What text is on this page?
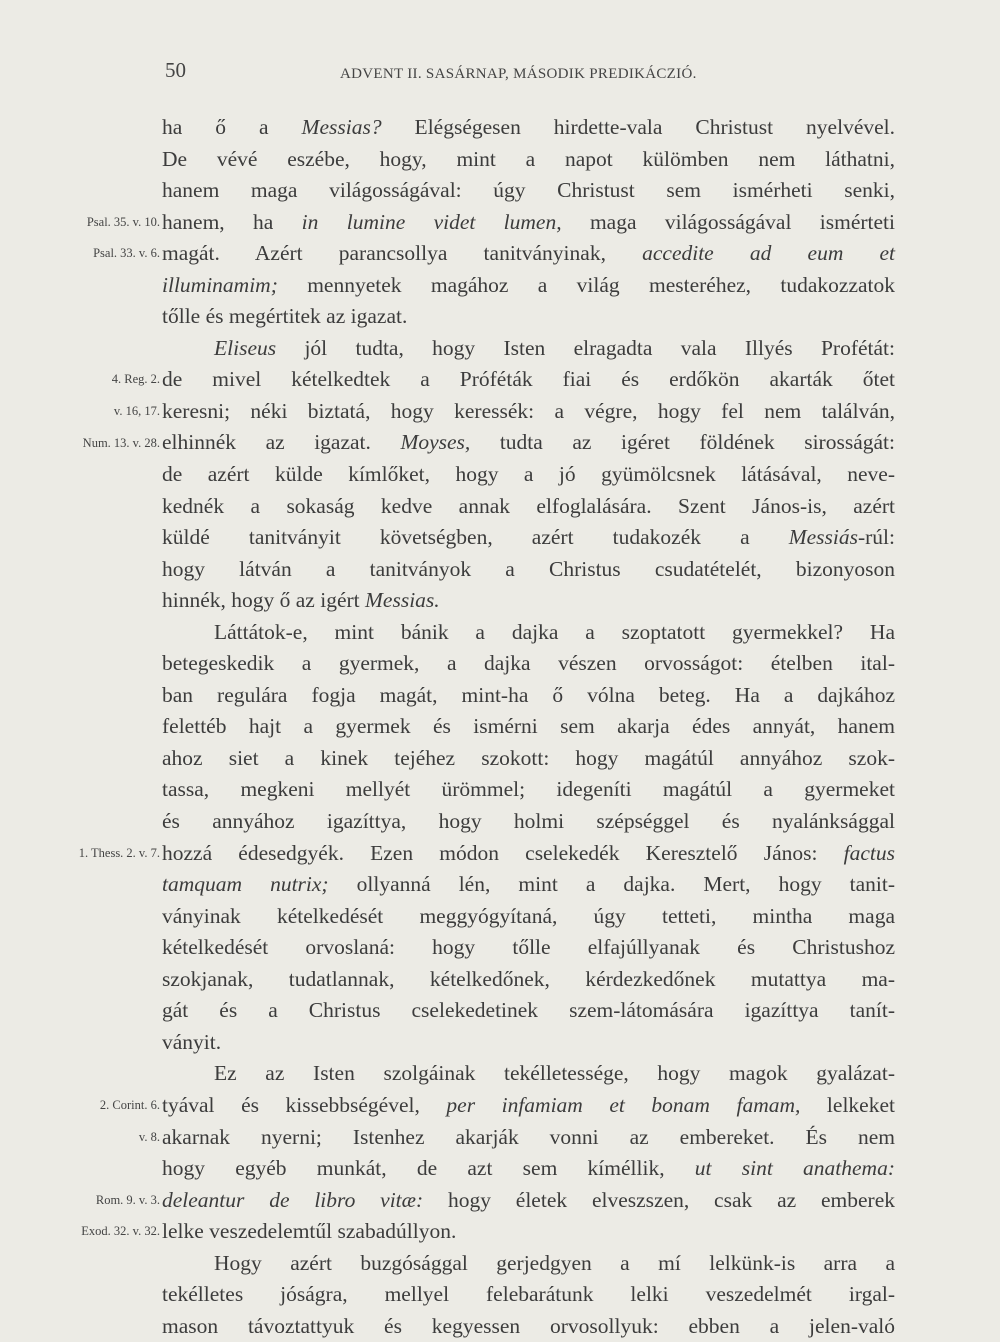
50	ADVENT II. SASÁRNAP, MÁSODIK PREDIKÁCZIÓ.
Psal. 35. v. 10.
Psal. 33. v. 6.
4. Reg. 2.
v. 16, 17.
Num. 13. v. 28.
1. Thess. 2. v. 7.
2. Corint. 6.
v. 8.
Rom. 9. v. 3.
Exod. 32. v. 32.
ha ő a Messias? Elégségesen hirdette-vala Christust nyelvével.
De vévé eszébe, hogy, mint a napot külömben nem láthatni,
hanem maga világosságával: úgy Christust sem ismérheti senki,
hanem, ha in lumine videt lumen, maga világosságával ismérteti
magát. Azért parancsollya tanitványinak, accedite ad eum et
illuminamim; mennyetek magához a világ mesteréhez, tudakozzatok
tőlle és megértitek az igazat.
Eliseus jól tudta, hogy Isten elragadta vala Illyés Profétát:
de mivel kételkedtek a Próféták fiai és erdőkön akarták őtet
keresni; néki biztatá, hogy keressék: a végre, hogy fel nem találván,
elhinnék az igazat. Moyses, tudta az igéret földének sirosságát:
de azért külde kímlőket, hogy a jó gyümölcsnek látásával, neve-
kednék a sokaság kedve annak elfoglalására. Szent János-is, azért
küldé tanitványit követségben, azért tudakozék a Messiás-rúl:
hogy látván a tanitványok a Christus csudatételét, bizonyoson
hinnék, hogy ő az igért Messias.
Láttátok-e, mint bánik a dajka a szoptatott gyermekkel? Ha
betegeskedik a gyermek, a dajka vészen orvosságot: ételben ital-
ban regulára fogja magát, mint-ha ő vólna beteg. Ha a dajkához
felettéb hajt a gyermek és ismérni sem akarja édes annyát, hanem
ahoz siet a kinek tejéhez szokott: hogy magátúl annyához szok-
tassa, megkeni mellyét ürömmel; idegeníti magátúl a gyermeket
és annyához igazíttya, hogy holmi szépséggel és nyalánksággal
hozzá édesedgyék. Ezen módon cselekedék Keresztelő János: factus
tamquam nutrix; ollyanná lén, mint a dajka. Mert, hogy tanit-
ványinak kételkedését meggyógyítaná, úgy tetteti, mintha maga
kételkedését orvoslaná: hogy tőlle elfajúllyanak és Christushoz
szokjanak, tudatlannak, kételkedőnek, kérdezkedőnek mutattya ma-
gát és a Christus cselekedetinek szem-látomására igazíttya tanít-
ványit.
Ez az Isten szolgáinak tekélletessége, hogy magok gyalázat-
tyával és kissebbségével, per infamiam et bonam famam, lelkeket
akarnak nyerni; Istenhez akarják vonni az embereket. És nem
hogy egyéb munkát, de azt sem kíméllik, ut sint anathema:
deleantur de libro vitæ: hogy életek elveszszen, csak az emberek
lelke veszedelemtűl szabadúllyon.
Hogy azért buzgósággal gerjedgyen a mí lelkünk-is arra a
tekélletes jóságra, mellyel felebarátunk lelki veszedelmét irgal-
mason távoztattyuk és kegyessen orvosollyuk: ebben a jelen-való
